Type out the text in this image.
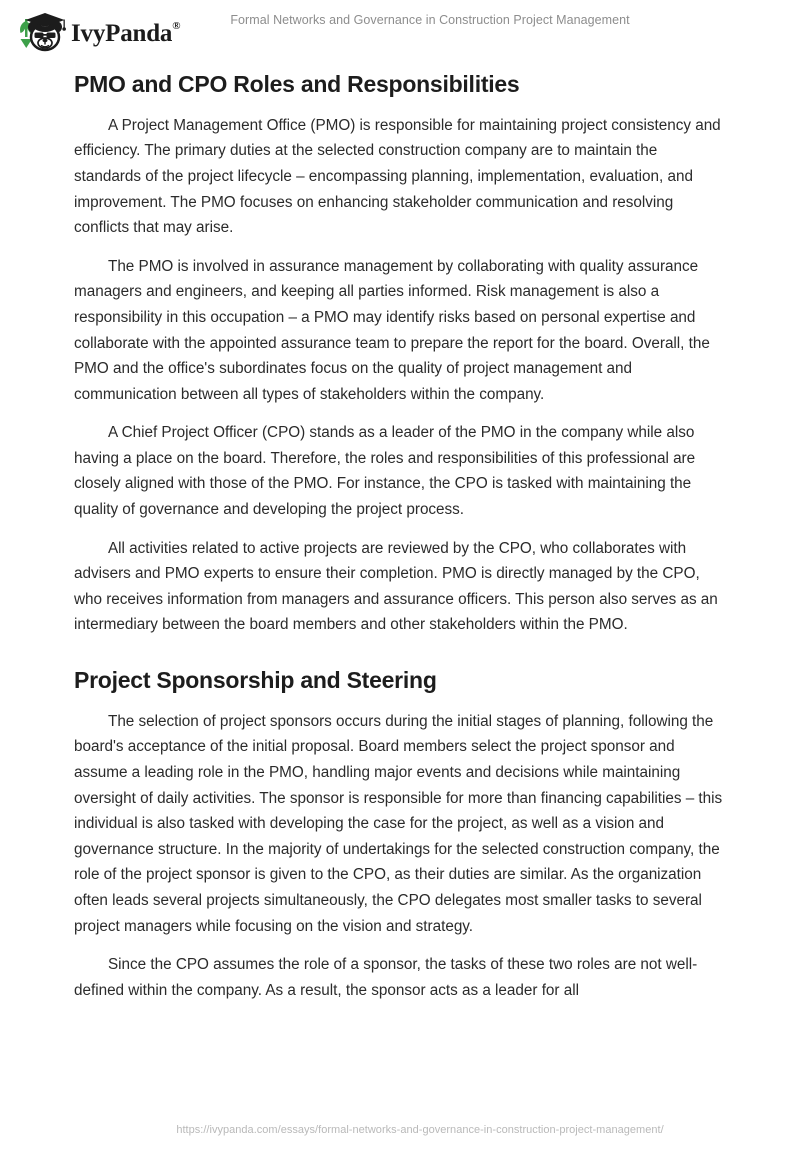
IvyPanda®	Formal Networks and Governance in Construction Project Management
PMO and CPO Roles and Responsibilities

A Project Management Office (PMO) is responsible for maintaining project consistency and efficiency. The primary duties at the selected construction company are to maintain the standards of the project lifecycle – encompassing planning, implementation, evaluation, and improvement. The PMO focuses on enhancing stakeholder communication and resolving conflicts that may arise.

The PMO is involved in assurance management by collaborating with quality assurance managers and engineers, and keeping all parties informed. Risk management is also a responsibility in this occupation – a PMO may identify risks based on personal expertise and collaborate with the appointed assurance team to prepare the report for the board. Overall, the PMO and the office's subordinates focus on the quality of project management and communication between all types of stakeholders within the company.

A Chief Project Officer (CPO) stands as a leader of the PMO in the company while also having a place on the board. Therefore, the roles and responsibilities of this professional are closely aligned with those of the PMO. For instance, the CPO is tasked with maintaining the quality of governance and developing the project process.

All activities related to active projects are reviewed by the CPO, who collaborates with advisers and PMO experts to ensure their completion. PMO is directly managed by the CPO, who receives information from managers and assurance officers. This person also serves as an intermediary between the board members and other stakeholders within the PMO.

Project Sponsorship and Steering

The selection of project sponsors occurs during the initial stages of planning, following the board's acceptance of the initial proposal. Board members select the project sponsor and assume a leading role in the PMO, handling major events and decisions while maintaining oversight of daily activities. The sponsor is responsible for more than financing capabilities – this individual is also tasked with developing the case for the project, as well as a vision and governance structure. In the majority of undertakings for the selected construction company, the role of the project sponsor is given to the CPO, as their duties are similar. As the organization often leads several projects simultaneously, the CPO delegates most smaller tasks to several project managers while focusing on the vision and strategy.

Since the CPO assumes the role of a sponsor, the tasks of these two roles are not well-defined within the company. As a result, the sponsor acts as a leader for all

https://ivypanda.com/essays/formal-networks-and-governance-in-construction-project-management/
